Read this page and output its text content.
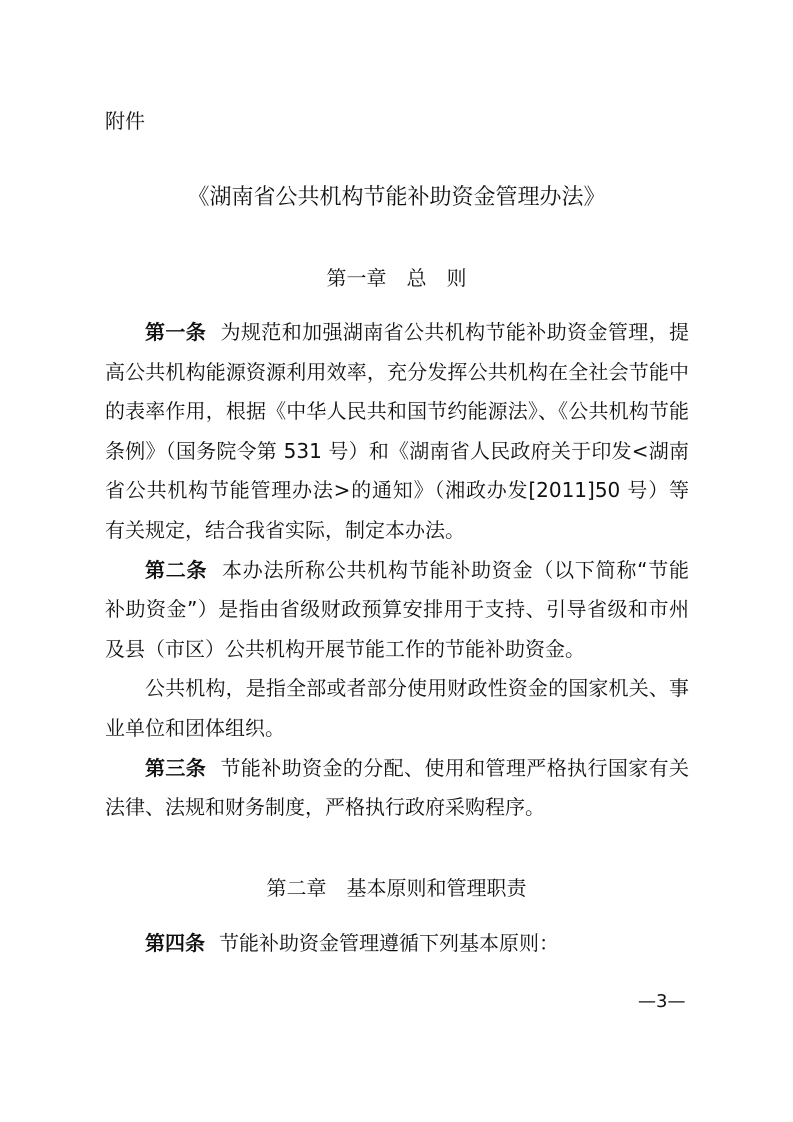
附件
《湖南省公共机构节能补助资金管理办法》
第一章　总　则

第一条 为规范和加强湖南省公共机构节能补助资金管理，提高公共机构能源资源利用效率，充分发挥公共机构在全社会节能中的表率作用，根据《中华人民共和国节约能源法》、《公共机构节能条例》（国务院令第 531 号）和《湖南省人民政府关于印发<湖南省公共机构节能管理办法>的通知》（湘政办发[2011]50 号）等有关规定，结合我省实际，制定本办法。

第二条 本办法所称公共机构节能补助资金（以下简称“节能补助资金”）是指由省级财政预算安排用于支持、引导省级和市州及县（市区）公共机构开展节能工作的节能补助资金。

公共机构，是指全部或者部分使用财政性资金的国家机关、事业单位和团体组织。

第三条 节能补助资金的分配、使用和管理严格执行国家有关法律、法规和财务制度，严格执行政府采购程序。

第二章　基本原则和管理职责

第四条 节能补助资金管理遵循下列基本原则：

—3—
